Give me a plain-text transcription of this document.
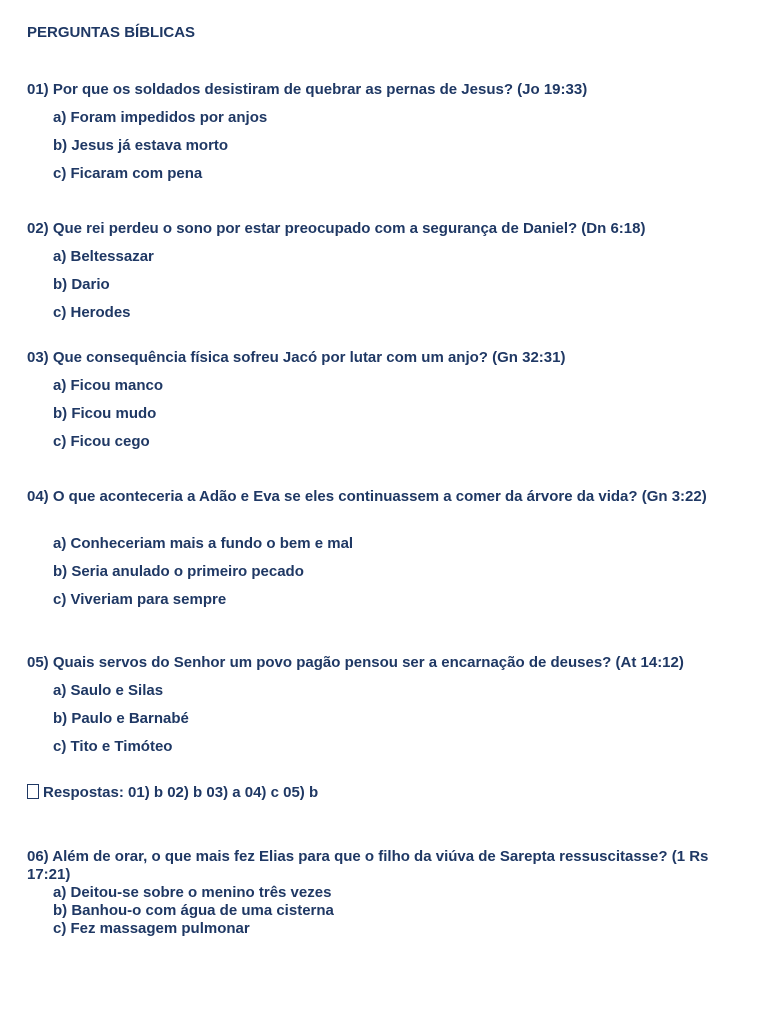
PERGUNTAS BÍBLICAS
01) Por que os soldados desistiram de quebrar as pernas de Jesus? (Jo 19:33)
a) Foram impedidos por anjos
b) Jesus já estava morto
c) Ficaram com pena
02) Que rei perdeu o sono por estar preocupado com a segurança de Daniel? (Dn 6:18)
a) Beltessazar
b) Dario
c) Herodes
03) Que consequência física sofreu Jacó por lutar com um anjo? (Gn 32:31)
a) Ficou manco
b) Ficou mudo
c) Ficou cego
04) O que aconteceria a Adão e Eva se eles continuassem a comer da árvore da vida? (Gn 3:22)
a) Conheceriam mais a fundo o bem e mal
b) Seria anulado o primeiro pecado
c) Viveriam para sempre
05) Quais servos do Senhor um povo pagão pensou ser a encarnação de deuses? (At 14:12)
a) Saulo e Silas
b) Paulo e Barnabé
c) Tito e Timóteo
Respostas: 01) b 02) b 03) a 04) c 05) b
06) Além de orar, o que mais fez Elias para que o filho da viúva de Sarepta ressuscitasse? (1 Rs 17:21)
a) Deitou-se sobre o menino três vezes
b) Banhou-o com água de uma cisterna
c) Fez massagem pulmonar
